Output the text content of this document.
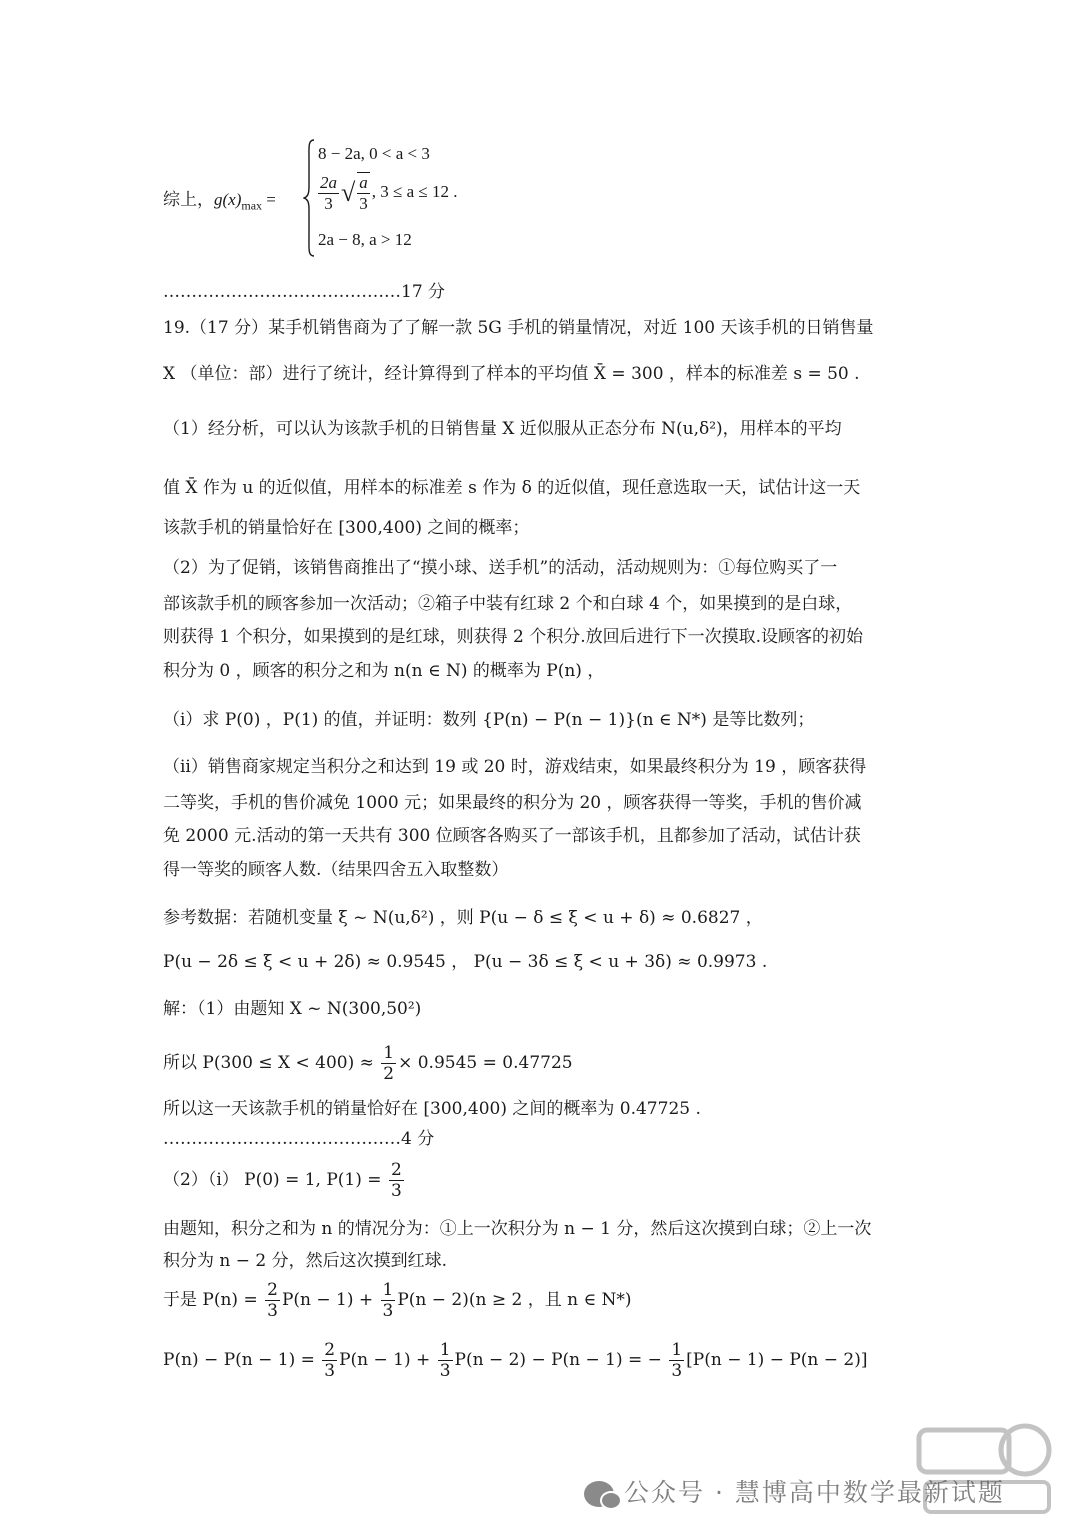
综上，$g(x)_{max}$ =
8 − 2a, 0 < a < 3
$\frac{2a}{3}$ √ $\frac{a}{3}$ , 3 ≤ a ≤ 12 .
2a − 8, a > 12
……………………………………17 分
19.（17 分）某手机销售商为了了解一款 5G 手机的销量情况，对近 100 天该手机的日销售量
X （单位：部）进行了统计，经计算得到了样本的平均值 X̄ = 300 ，样本的标准差 s = 50 .
（1）经分析，可以认为该款手机的日销售量 X 近似服从正态分布 N(u,δ²)，用样本的平均
值 X̄ 作为 u 的近似值，用样本的标准差 s 作为 δ 的近似值，现任意选取一天，试估计这一天
该款手机的销量恰好在 [300,400) 之间的概率；
（2）为了促销，该销售商推出了“摸小球、送手机”的活动，活动规则为：①每位购买了一
部该款手机的顾客参加一次活动；②箱子中装有红球 2 个和白球 4 个，如果摸到的是白球，
则获得 1 个积分，如果摸到的是红球，则获得 2 个积分.放回后进行下一次摸取.设顾客的初始
积分为 0 ，顾客的积分之和为 n(n ∈ N) 的概率为 P(n) ，
（i）求 P(0) ，P(1) 的值，并证明：数列 {P(n) − P(n − 1)}(n ∈ N*) 是等比数列；
（ii）销售商家规定当积分之和达到 19 或 20 时，游戏结束，如果最终积分为 19 ，顾客获得
二等奖，手机的售价减免 1000 元；如果最终的积分为 20 ，顾客获得一等奖，手机的售价减
免 2000 元.活动的第一天共有 300 位顾客各购买了一部该手机，且都参加了活动，试估计获
得一等奖的顾客人数.（结果四舍五入取整数）
参考数据：若随机变量 ξ ~ N(u,δ²) ，则 P(u − δ ≤ ξ < u + δ) ≈ 0.6827 ，
P(u − 2δ ≤ ξ < u + 2δ) ≈ 0.9545 ， P(u − 3δ ≤ ξ < u + 3δ) ≈ 0.9973 .
解：（1）由题知 X ~ N(300,50²)
所以 $P(300 \le X < 400) \approx \frac{1}{2} \times 0.9545 = 0.47725$
所以这一天该款手机的销量恰好在 [300,400) 之间的概率为 0.47725 .
……………………………………4 分
（2）（i） P(0) = 1, $P(1) = \frac{2}{3}$
由题知，积分之和为 n 的情况分为：①上一次积分为 n − 1 分，然后这次摸到白球；②上一次
积分为 n − 2 分，然后这次摸到红球.
于是 $P(n) = \frac{2}{3} P(n - 1) + \frac{1}{3} P(n - 2)(n \ge 2$ ，且 n ∈ N*)
$P(n) - P(n - 1) = \frac{2}{3} P(n - 1) + \frac{1}{3} P(n - 2) - P(n - 1)$ = − $\frac{1}{3} [P(n - 1) - P(n - 2)]$
公众号 · 慧博高中数学最新试题
